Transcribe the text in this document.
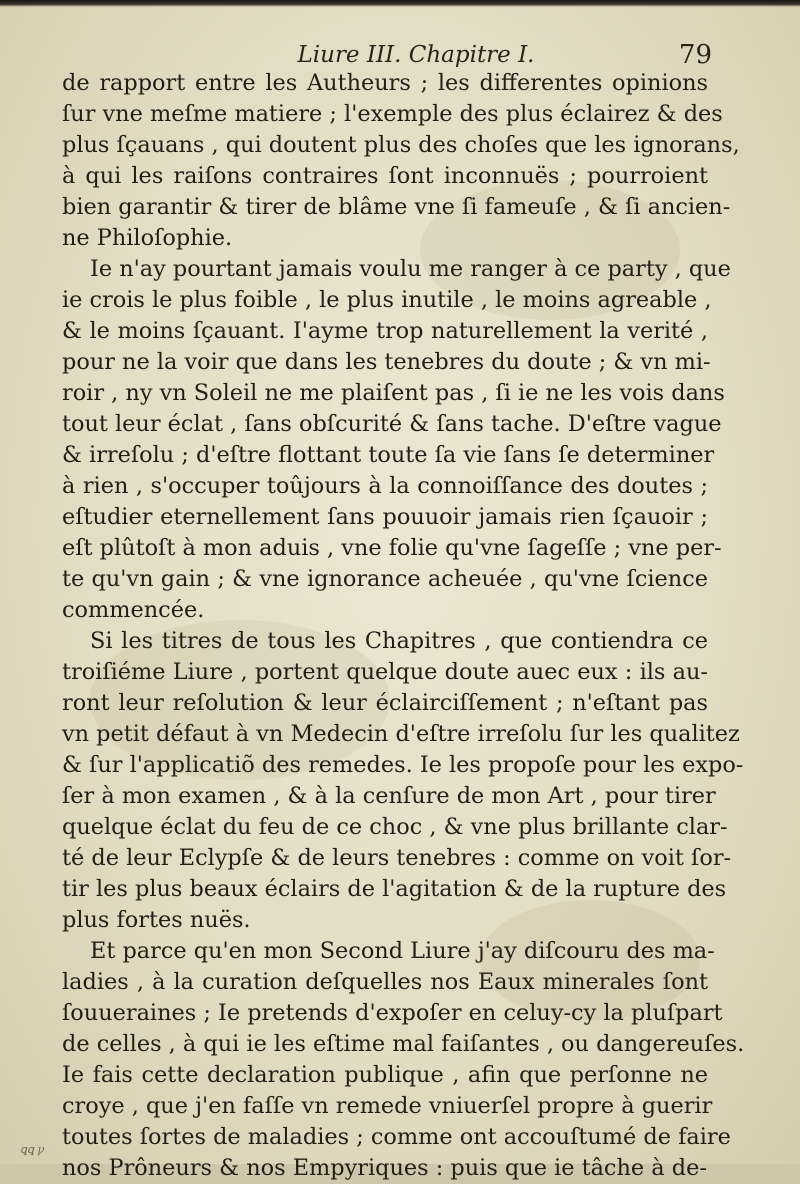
Liure III. Chapitre I.	79
de rapport entre les Autheurs ; les differentes opinions
ſur vne meſme matiere ; l'exemple des plus éclairez & des
plus ſçauans , qui doutent plus des choſes que les ignorans,
à qui les raiſons contraires ſont inconnuës ; pourroient
bien garantir & tirer de blâme vne ſi fameuſe , & ſi ancien-
ne Philoſophie.
Ie n'ay pourtant jamais voulu me ranger à ce party , que
ie crois le plus foible , le plus inutile , le moins agreable ,
& le moins ſçauant. I'ayme trop naturellement la verité ,
pour ne la voir que dans les tenebres du doute ; & vn mi-
roir , ny vn Soleil ne me plaiſent pas , ſi ie ne les vois dans
tout leur éclat , ſans obſcurité & ſans tache. D'eſtre vague
& irreſolu ; d'eſtre flottant toute ſa vie ſans ſe determiner
à rien , s'occuper toûjours à la connoiſſance des doutes ;
eſtudier eternellement ſans pouuoir jamais rien ſçauoir ;
eſt plûtoſt à mon aduis , vne folie qu'vne ſageſſe ; vne per-
te qu'vn gain ; & vne ignorance acheuée , qu'vne ſcience
commencée.
Si les titres de tous les Chapitres , que contiendra ce
troiſiéme Liure , portent quelque doute auec eux : ils au-
ront leur reſolution & leur éclairciſſement ; n'eſtant pas
vn petit défaut à vn Medecin d'eſtre irreſolu ſur les qualitez
& ſur l'applicatiõ des remedes. Ie les propoſe pour les expo-
ſer à mon examen , & à la cenſure de mon Art , pour tirer
quelque éclat du feu de ce choc , & vne plus brillante clar-
té de leur Eclypſe & de leurs tenebres : comme on voit ſor-
tir les plus beaux éclairs de l'agitation & de la rupture des
plus fortes nuës.
Et parce qu'en mon Second Liure j'ay diſcouru des ma-
ladies , à la curation deſquelles nos Eaux minerales ſont
ſouueraines ; Ie pretends d'expoſer en celuy-cy la pluſpart
de celles , à qui ie les eſtime mal faiſantes , ou dangereuſes.
Ie fais cette declaration publique , afin que perſonne ne
croye , que j'en faſſe vn remede vniuerſel propre à guerir
toutes ſortes de maladies ; comme ont accouſtumé de faire
nos Prôneurs & nos Empyriques : puis que ie tâche à de-
ꝗꝗ ꝩ
